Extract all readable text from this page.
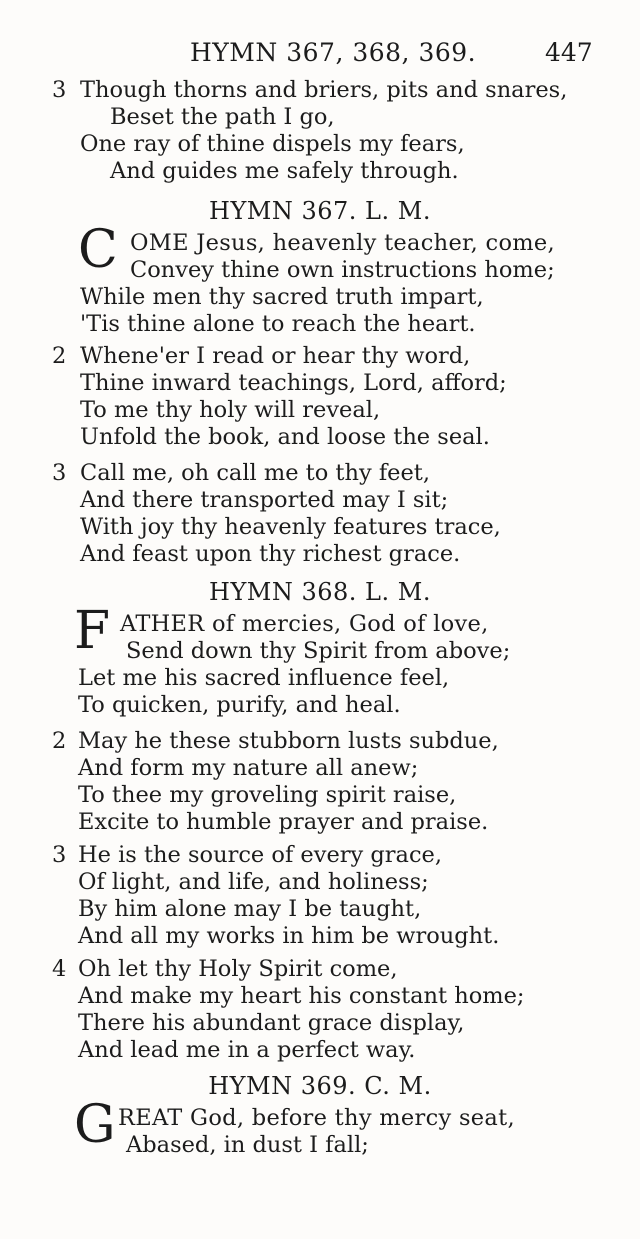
HYMN 367, 368, 369.	447
3 Though thorns and briers, pits and snares,
Beset the path I go,
One ray of thine dispels my fears,
And guides me safely through.
HYMN 367. L. M.
C OME Jesus, heavenly teacher, come,
Convey thine own instructions home;
While men thy sacred truth impart,
'Tis thine alone to reach the heart.
2 Whene'er I read or hear thy word,
Thine inward teachings, Lord, afford;
To me thy holy will reveal,
Unfold the book, and loose the seal.
3 Call me, oh call me to thy feet,
And there transported may I sit;
With joy thy heavenly features trace,
And feast upon thy richest grace.
HYMN 368. L. M.
F ATHER of mercies, God of love,
Send down thy Spirit from above;
Let me his sacred influence feel,
To quicken, purify, and heal.
2 May he these stubborn lusts subdue,
And form my nature all anew;
To thee my groveling spirit raise,
Excite to humble prayer and praise.
3 He is the source of every grace,
Of light, and life, and holiness;
By him alone may I be taught,
And all my works in him be wrought.
4 Oh let thy Holy Spirit come,
And make my heart his constant home;
There his abundant grace display,
And lead me in a perfect way.
HYMN 369. C. M.
G REAT God, before thy mercy seat,
Abased, in dust I fall;
